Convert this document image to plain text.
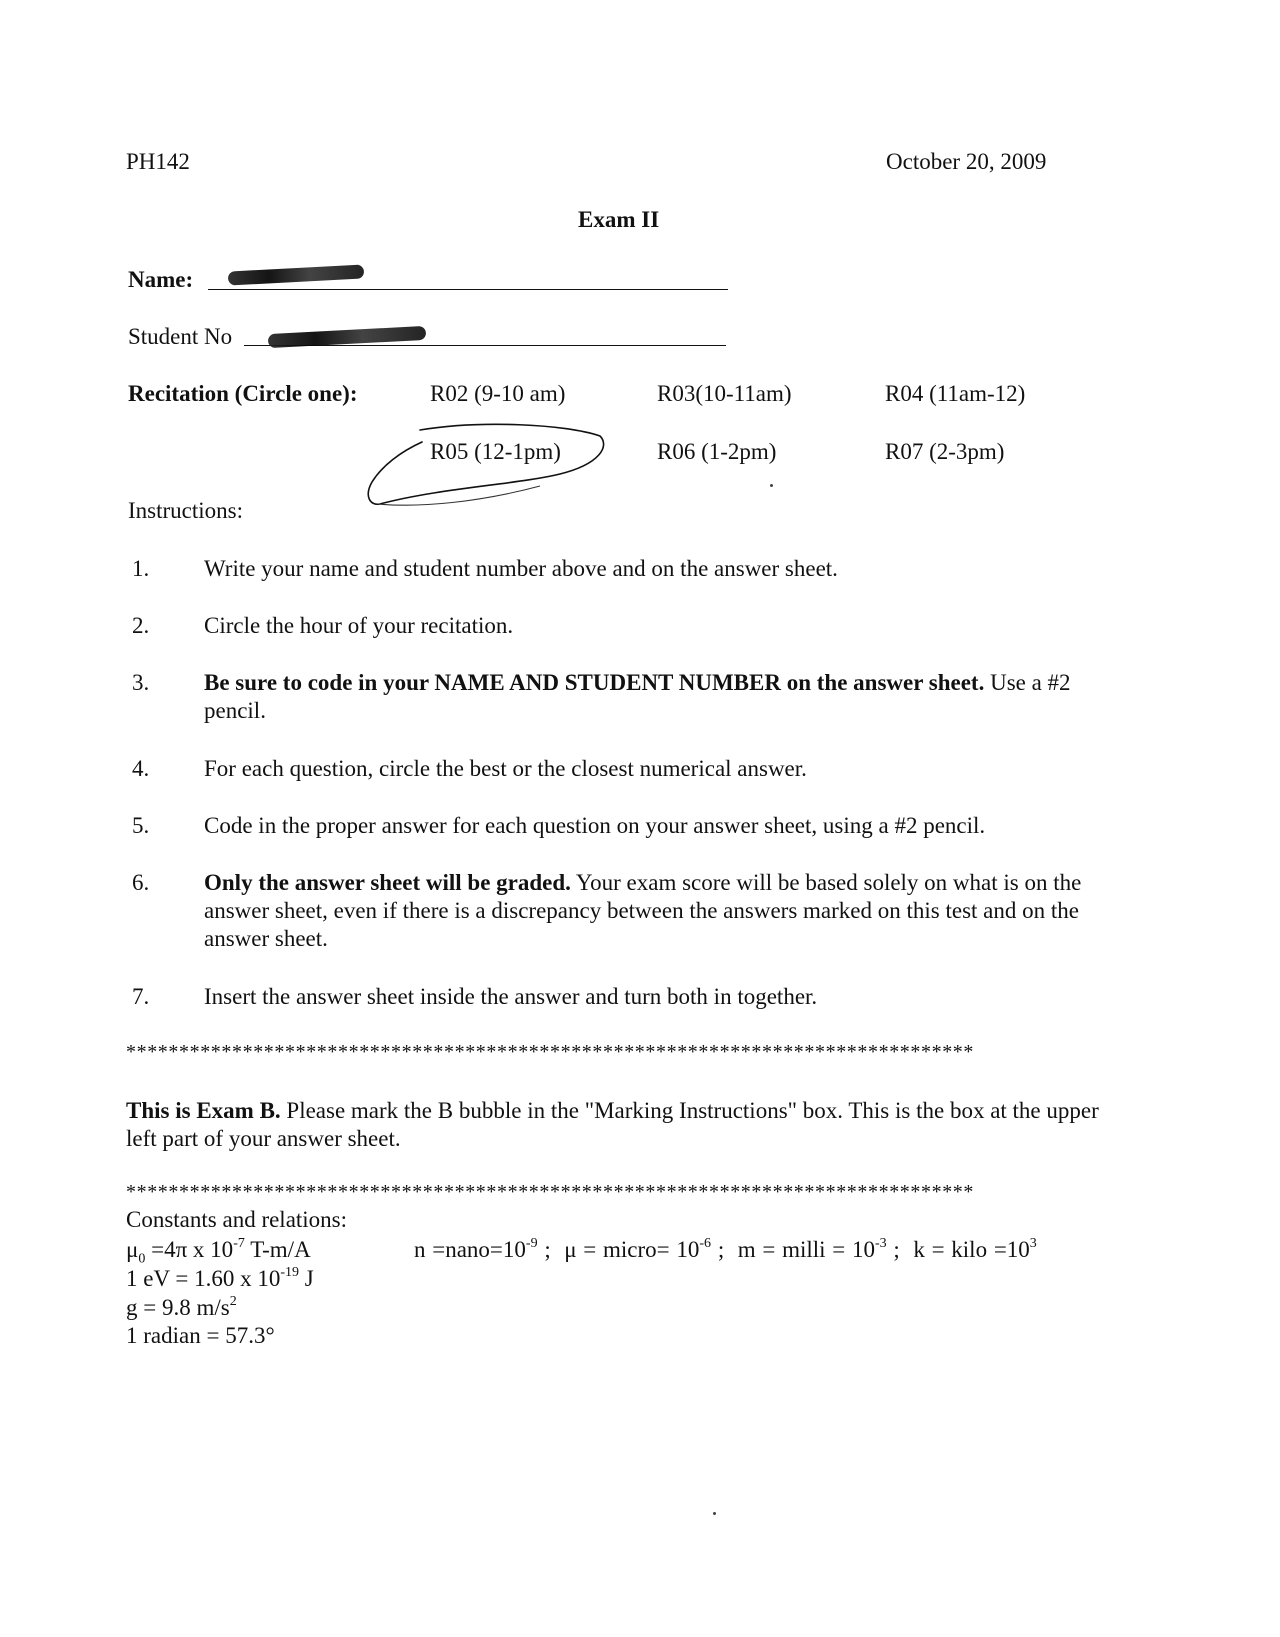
PH142	October 20, 2009
Exam II
Name:
Student No
Recitation (Circle one):	R02 (9-10 am)	R03(10-11am)	R04 (11am-12)
R05 (12-1pm)	R06 (1-2pm)	R07 (2-3pm)
Instructions:
1. Write your name and student number above and on the answer sheet.
2. Circle the hour of your recitation.
3. Be sure to code in your NAME AND STUDENT NUMBER on the answer sheet. Use a #2 pencil.
4. For each question, circle the best or the closest numerical answer.
5. Code in the proper answer for each question on your answer sheet, using a #2 pencil.
6. Only the answer sheet will be graded. Your exam score will be based solely on what is on the answer sheet, even if there is a discrepancy between the answers marked on this test and on the answer sheet.
7. Insert the answer sheet inside the answer and turn both in together.
********************************************************************************
This is Exam B. Please mark the B bubble in the "Marking Instructions" box. This is the box at the upper left part of your answer sheet.
********************************************************************************
Constants and relations:
$\mu_0 =4\pi$ x $10^{-7}$ T-m/A
1 eV = 1.60 x $10^{-19}$ J
g = 9.8 $m/s^2$
1 radian = 57.3°
$n =nano=10^{-9}$ ; μ = micro= $10^{-6}$ ; m = milli = $10^{-3}$ ; k = kilo $=10^3$
